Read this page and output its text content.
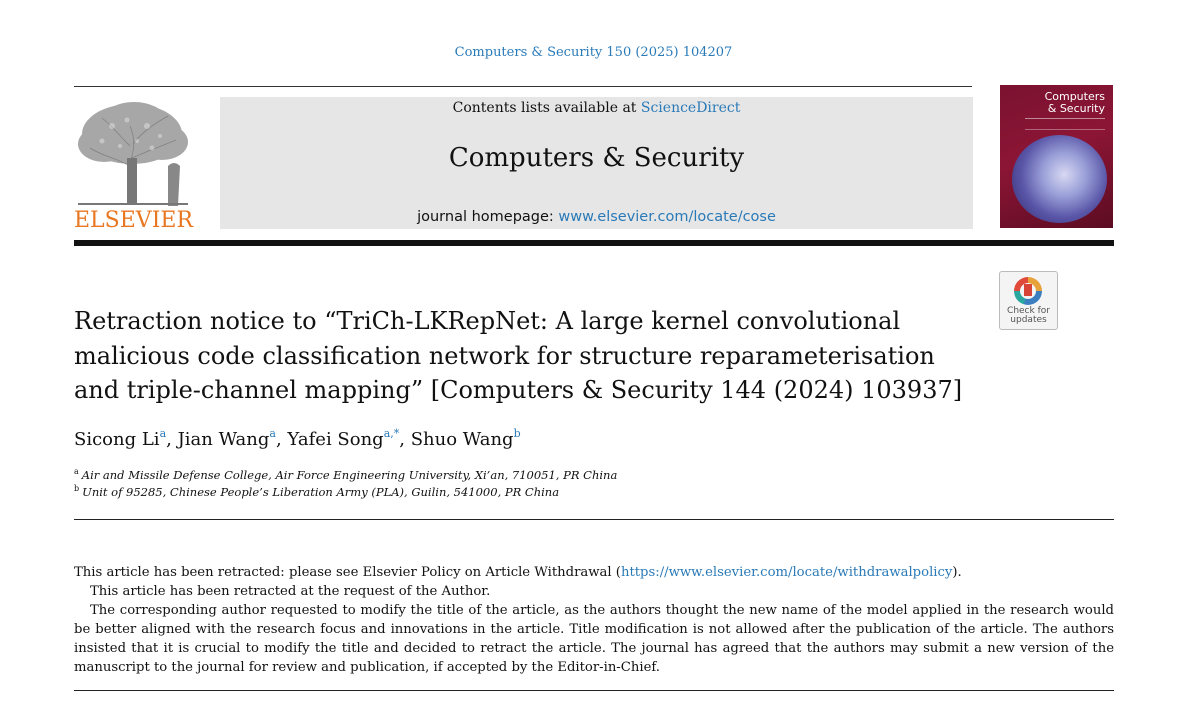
Computers & Security 150 (2025) 104207
ELSEVIER
Contents lists available at ScienceDirect
Computers & Security
journal homepage: www.elsevier.com/locate/cose
Computers
& Security
Check for
updates
Retraction notice to “TriCh-LKRepNet: A large kernel convolutional malicious code classification network for structure reparameterisation and triple-channel mapping” [Computers & Security 144 (2024) 103937]
Sicong Li$^a$, Jian Wang$^a$, Yafei Song$^{a,*}$, Shuo Wang$^b$
$^a$ Air and Missile Defense College, Air Force Engineering University, Xi’an, 710051, PR China
$^b$ Unit of 95285, Chinese People’s Liberation Army (PLA), Guilin, 541000, PR China
This article has been retracted: please see Elsevier Policy on Article Withdrawal (https://www.elsevier.com/locate/withdrawalpolicy).
This article has been retracted at the request of the Author.
The corresponding author requested to modify the title of the article, as the authors thought the new name of the model applied in the research would be better aligned with the research focus and innovations in the article. Title modification is not allowed after the publication of the article. The authors insisted that it is crucial to modify the title and decided to retract the article. The journal has agreed that the authors may submit a new version of the manuscript to the journal for review and publication, if accepted by the Editor-in-Chief.
